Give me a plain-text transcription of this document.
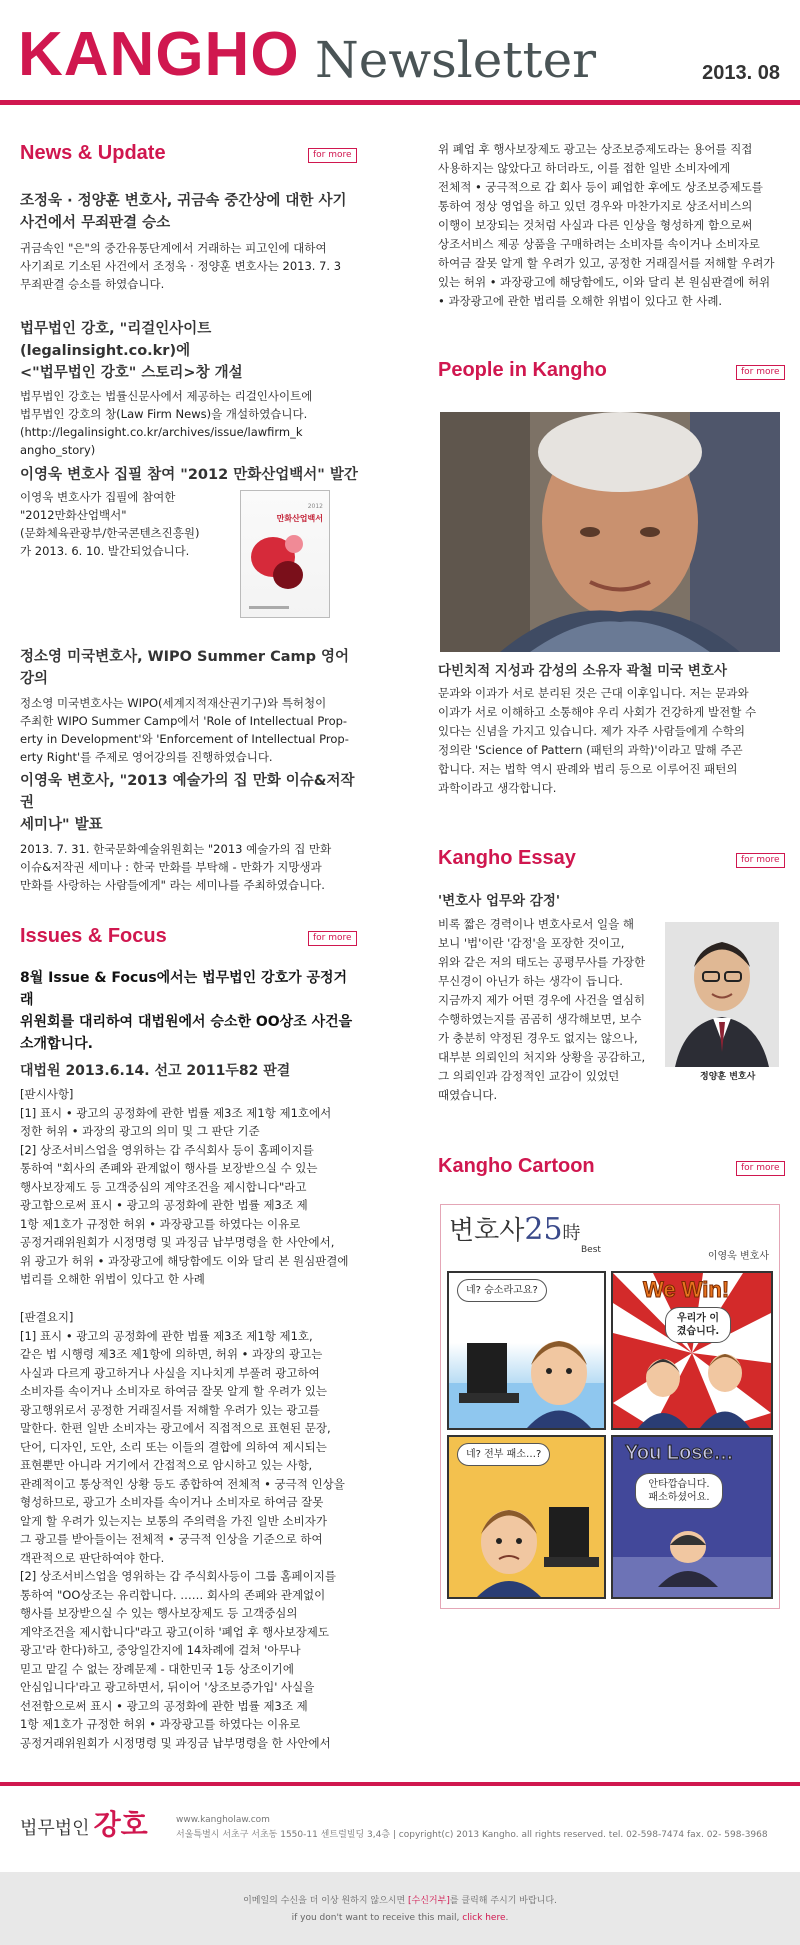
KANGHO Newsletter	2013. 08
News & Update	for more
조정욱 · 정양훈 변호사, 귀금속 중간상에 대한 사기
사건에서 무죄판결 승소
귀금속인 "은"의 중간유통단계에서 거래하는 피고인에 대하여
사기죄로 기소된 사건에서 조정욱 · 정양훈 변호사는 2013. 7. 3
무죄판결 승소를 하였습니다.
법무법인 강호, "리걸인사이트(legalinsight.co.kr)에
<"법무법인 강호" 스토리>창 개설
법무법인 강호는 법률신문사에서 제공하는 리걸인사이트에
법무법인 강호의 창(Law Firm News)을 개설하였습니다.
(http://legalinsight.co.kr/archives/issue/lawfirm_k
angho_story)
이영욱 변호사 집필 참여 "2012 만화산업백서" 발간
이영욱 변호사가 집필에 참여한
"2012만화산업백서"
(문화체육관광부/한국콘텐츠진흥원)
가 2013. 6. 10. 발간되었습니다.
2012
만화산업백서
정소영 미국변호사, WIPO Summer Camp 영어강의
정소영 미국변호사는 WIPO(세계지적재산권기구)와 특허청이
주최한 WIPO Summer Camp에서 'Role of Intellectual Prop-
erty in Development'와 'Enforcement of Intellectual Prop-
erty Right'를 주제로 영어강의를 진행하였습니다.
이영욱 변호사, "2013 예술가의 집 만화 이슈&저작권
세미나" 발표
2013. 7. 31. 한국문화예술위원회는 "2013 예술가의 집 만화
이슈&저작권 세미나 : 한국 만화를 부탁해 - 만화가 지망생과
만화를 사랑하는 사람들에게" 라는 세미나를 주최하였습니다.
Issues & Focus	for more
8월 Issue & Focus에서는 법무법인 강호가 공정거래
위원회를 대리하여 대법원에서 승소한 OO상조 사건을
소개합니다.
대법원 2013.6.14. 선고 2011두82 판결
[판시사항]
[1] 표시 • 광고의 공정화에 관한 법률 제3조 제1항 제1호에서
정한 허위 • 과장의 광고의 의미 및 그 판단 기준
[2] 상조서비스업을 영위하는 갑 주식회사 등이 홈페이지를
통하여 "회사의 존폐와 관계없이 행사를 보장받으실 수 있는
행사보장제도 등 고객중심의 계약조건을 제시합니다"라고
광고함으로써 표시 • 광고의 공정화에 관한 법률 제3조 제
1항 제1호가 규정한 허위 • 과장광고를 하였다는 이유로
공정거래위원회가 시정명령 및 과징금 납부명령을 한 사안에서,
위 광고가 허위 • 과장광고에 해당함에도 이와 달리 본 원심판결에
법리를 오해한 위법이 있다고 한 사례
[판결요지]
[1] 표시 • 광고의 공정화에 관한 법률 제3조 제1항 제1호,
같은 법 시행령 제3조 제1항에 의하면, 허위 • 과장의 광고는
사실과 다르게 광고하거나 사실을 지나치게 부풀려 광고하여
소비자를 속이거나 소비자로 하여금 잘못 알게 할 우려가 있는
광고행위로서 공정한 거래질서를 저해할 우려가 있는 광고를
말한다. 한편 일반 소비자는 광고에서 직접적으로 표현된 문장,
단어, 디자인, 도안, 소리 또는 이들의 결합에 의하여 제시되는
표현뿐만 아니라 거기에서 간접적으로 암시하고 있는 사항,
관례적이고 통상적인 상황 등도 종합하여 전체적 • 궁극적 인상을
형성하므로, 광고가 소비자를 속이거나 소비자로 하여금 잘못
알게 할 우려가 있는지는 보통의 주의력을 가진 일반 소비자가
그 광고를 받아들이는 전체적 • 궁극적 인상을 기준으로 하여
객관적으로 판단하여야 한다.
[2] 상조서비스업을 영위하는 갑 주식회사등이 그룹 홈페이지를
통하여 "OO상조는 유리합니다. …… 회사의 존폐와 관계없이
행사를 보장받으실 수 있는 행사보장제도 등 고객중심의
계약조건을 제시합니다"라고 광고(이하 '폐업 후 행사보장제도
광고'라 한다)하고, 중앙일간지에 14차례에 걸쳐 '아무나
믿고 맡길 수 없는 장례문제 - 대한민국 1등 상조이기에
안심입니다'라고 광고하면서, 뒤이어 '상조보증가입' 사실을
선전함으로써 표시 • 광고의 공정화에 관한 법률 제3조 제
1항 제1호가 규정한 허위 • 과장광고를 하였다는 이유로
공정거래위원회가 시정명령 및 과징금 납부명령을 한 사안에서
위 폐업 후 행사보장제도 광고는 상조보증제도라는 용어를 직접
사용하지는 않았다고 하더라도, 이를 접한 일반 소비자에게
전체적 • 궁극적으로 갑 회사 등이 폐업한 후에도 상조보증제도를
통하여 정상 영업을 하고 있던 경우와 마찬가지로 상조서비스의
이행이 보장되는 것처럼 사실과 다른 인상을 형성하게 함으로써
상조서비스 제공 상품을 구매하려는 소비자를 속이거나 소비자로
하여금 잘못 알게 할 우려가 있고, 공정한 거래질서를 저해할 우려가
있는 허위 • 과장광고에 해당함에도, 이와 달리 본 원심판결에 허위
• 과장광고에 관한 법리를 오해한 위법이 있다고 한 사례.
People in Kangho	for more
다빈치적 지성과 감성의 소유자 곽철 미국 변호사
문과와 이과가 서로 분리된 것은 근대 이후입니다. 저는 문과와
이과가 서로 이해하고 소통해야 우리 사회가 건강하게 발전할 수
있다는 신념을 가지고 있습니다. 제가 자주 사람들에게 수학의
정의란 'Science of Pattern (패턴의 과학)'이라고 말해 주곤
합니다. 저는 법학 역시 판례와 법리 등으로 이루어진 패턴의
과학이라고 생각합니다.
Kangho Essay	for more
'변호사 업무와 감정'
비록 짧은 경력이나 변호사로서 일을 해
보니 '법'이란 '감정'을 포장한 것이고,
위와 같은 저의 태도는 공평무사를 가장한
무신경이 아닌가 하는 생각이 듭니다.
지금까지 제가 어떤 경우에 사건을 열심히
수행하였는지를 곰곰히 생각해보면, 보수
가 충분히 약정된 경우도 없지는 않으나,
대부분 의뢰인의 처지와 상황을 공감하고,
그 의뢰인과 감정적인 교감이 있었던
때였습니다.
정양훈 변호사
Kangho Cartoon	for more
변호사25時
Best
이영욱 변호사
네? 승소라고요?	We Win!
우리가 이겼습니다.
네? 전부 패소…?	You Lose…
안타깝습니다. 패소하셨어요.
법무법인 강호	www.kangholaw.com
서울특별시 서초구 서초동 1550-11 센트럴빌딩 3,4층 | copyright(c) 2013 Kangho. all rights reserved. tel. 02-598-7474 fax. 02- 598-3968
이메일의 수신을 더 이상 원하지 않으시면 [수신거부]를 클릭해 주시기 바랍니다.
if you don't want to receive this mail, click here.
